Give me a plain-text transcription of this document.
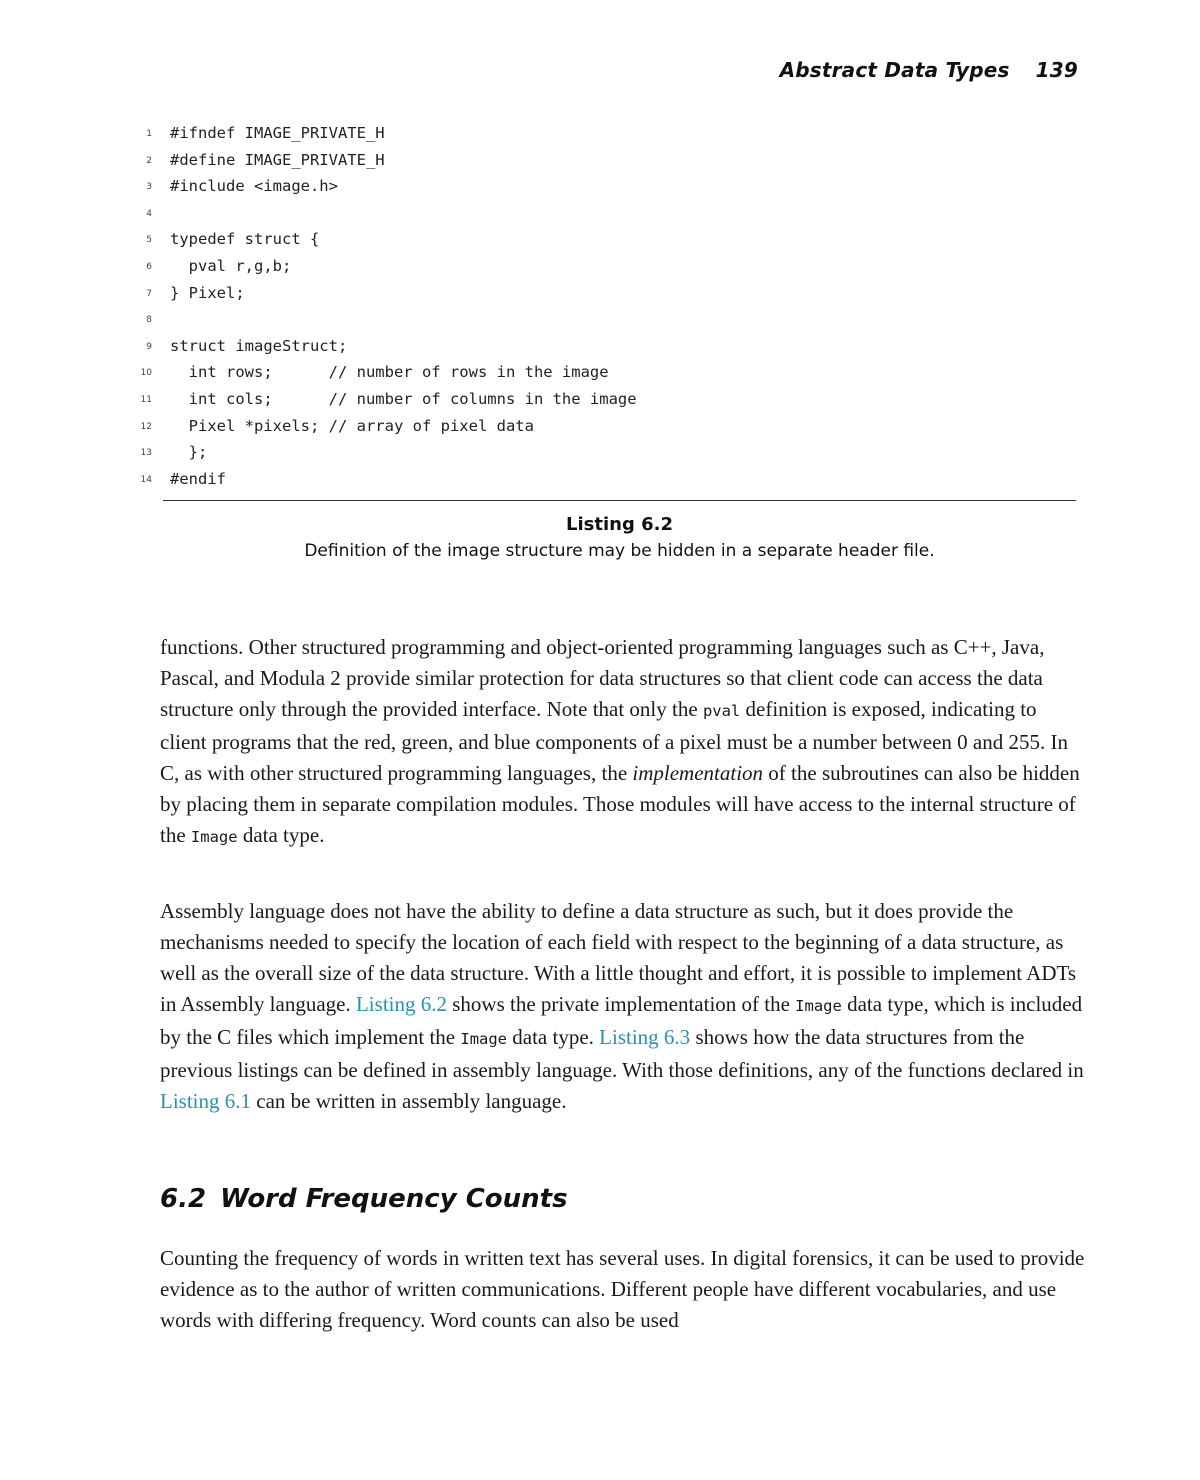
Abstract Data Types 139
1 #ifndef IMAGE_PRIVATE_H
2 #define IMAGE_PRIVATE_H
3 #include <image.h>
4
5 typedef struct {
6 pval r,g,b;
7 } Pixel;
8
9 struct imageStruct;
10 int rows;      // number of rows in the image
11 int cols;      // number of columns in the image
12 Pixel *pixels; // array of pixel data
13 };
14 #endif
Listing 6.2
Definition of the image structure may be hidden in a separate header file.
functions. Other structured programming and object-oriented programming languages such as C++, Java, Pascal, and Modula 2 provide similar protection for data structures so that client code can access the data structure only through the provided interface. Note that only the pval definition is exposed, indicating to client programs that the red, green, and blue components of a pixel must be a number between 0 and 255. In C, as with other structured programming languages, the implementation of the subroutines can also be hidden by placing them in separate compilation modules. Those modules will have access to the internal structure of the Image data type.
Assembly language does not have the ability to define a data structure as such, but it does provide the mechanisms needed to specify the location of each field with respect to the beginning of a data structure, as well as the overall size of the data structure. With a little thought and effort, it is possible to implement ADTs in Assembly language. Listing 6.2 shows the private implementation of the Image data type, which is included by the C files which implement the Image data type. Listing 6.3 shows how the data structures from the previous listings can be defined in assembly language. With those definitions, any of the functions declared in Listing 6.1 can be written in assembly language.
6.2 Word Frequency Counts
Counting the frequency of words in written text has several uses. In digital forensics, it can be used to provide evidence as to the author of written communications. Different people have different vocabularies, and use words with differing frequency. Word counts can also be used
